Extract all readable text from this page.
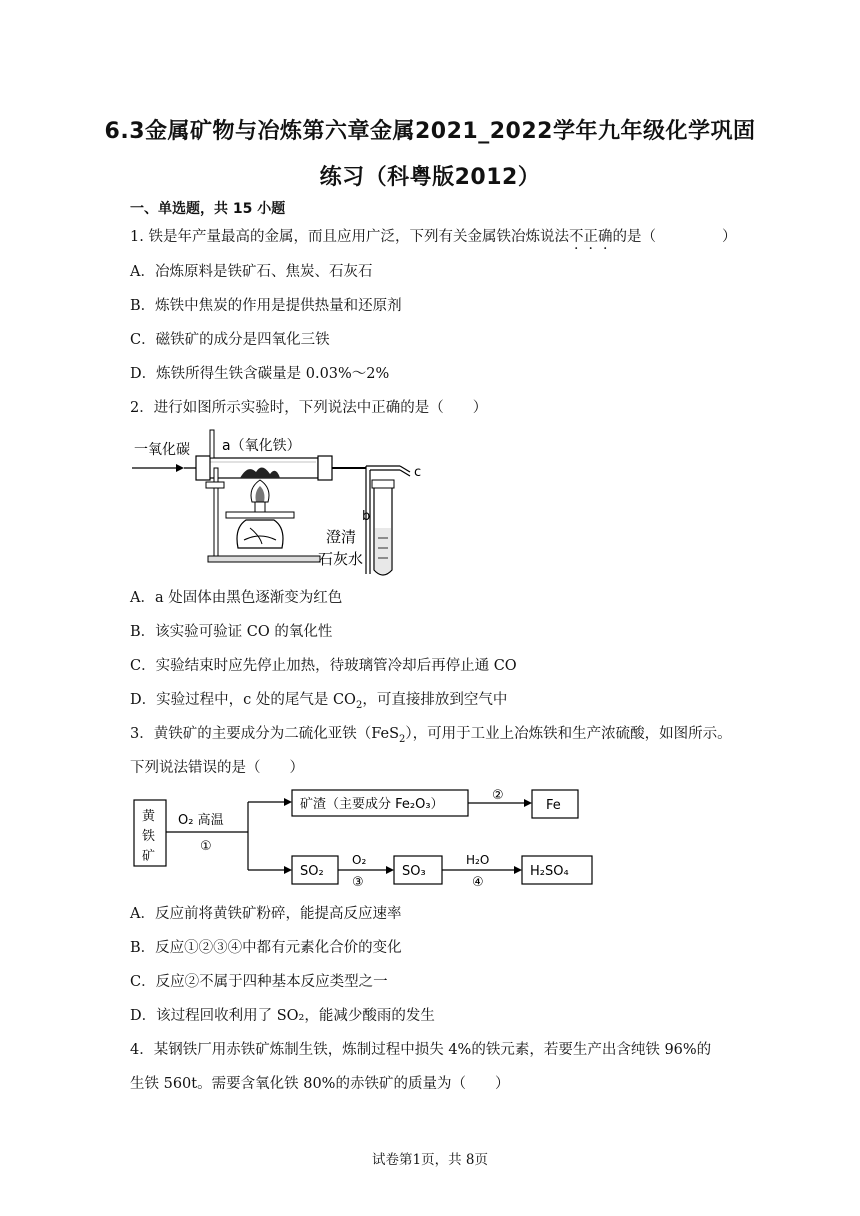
6.3金属矿物与冶炼第六章金属2021_2022学年九年级化学巩固
练习（科粤版2012）
一、单选题，共 15 小题
1. 铁是年产量最高的金属，而且应用广泛，下列有关金属铁冶炼说法不正确的是（	）
A．冶炼原料是铁矿石、焦炭、石灰石
B．炼铁中焦炭的作用是提供热量和还原剂
C．磁铁矿的成分是四氧化三铁
D．炼铁所得生铁含碳量是 0.03%～2%
2．进行如图所示实验时，下列说法中正确的是（　　）
一氧化碳 a（氧化铁）
c
b
澄清
石灰水
A．a 处固体由黑色逐渐变为红色
B．该实验可验证 CO 的氧化性
C．实验结束时应先停止加热，待玻璃管冷却后再停止通 CO
D．实验过程中，c 处的尾气是 $CO_2$，可直接排放到空气中
3．黄铁矿的主要成分为二硫化亚铁（FeS$_2$），可用于工业上冶炼铁和生产浓硫酸，如图所示。
下列说法错误的是（　　）
黄
铁
矿
O₂ 高温
①
矿渣（主要成分 Fe₂O₃）
②
Fe
SO₂
O₂
③
SO₃
H₂O
④
H₂SO₄
A．反应前将黄铁矿粉碎，能提高反应速率
B．反应①②③④中都有元素化合价的变化
C．反应②不属于四种基本反应类型之一
D．该过程回收利用了 SO₂，能减少酸雨的发生
4．某钢铁厂用赤铁矿炼制生铁，炼制过程中损失 4%的铁元素，若要生产出含纯铁 96%的
生铁 560t。需要含氧化铁 80%的赤铁矿的质量为（　　）
试卷第1页，共 8页
